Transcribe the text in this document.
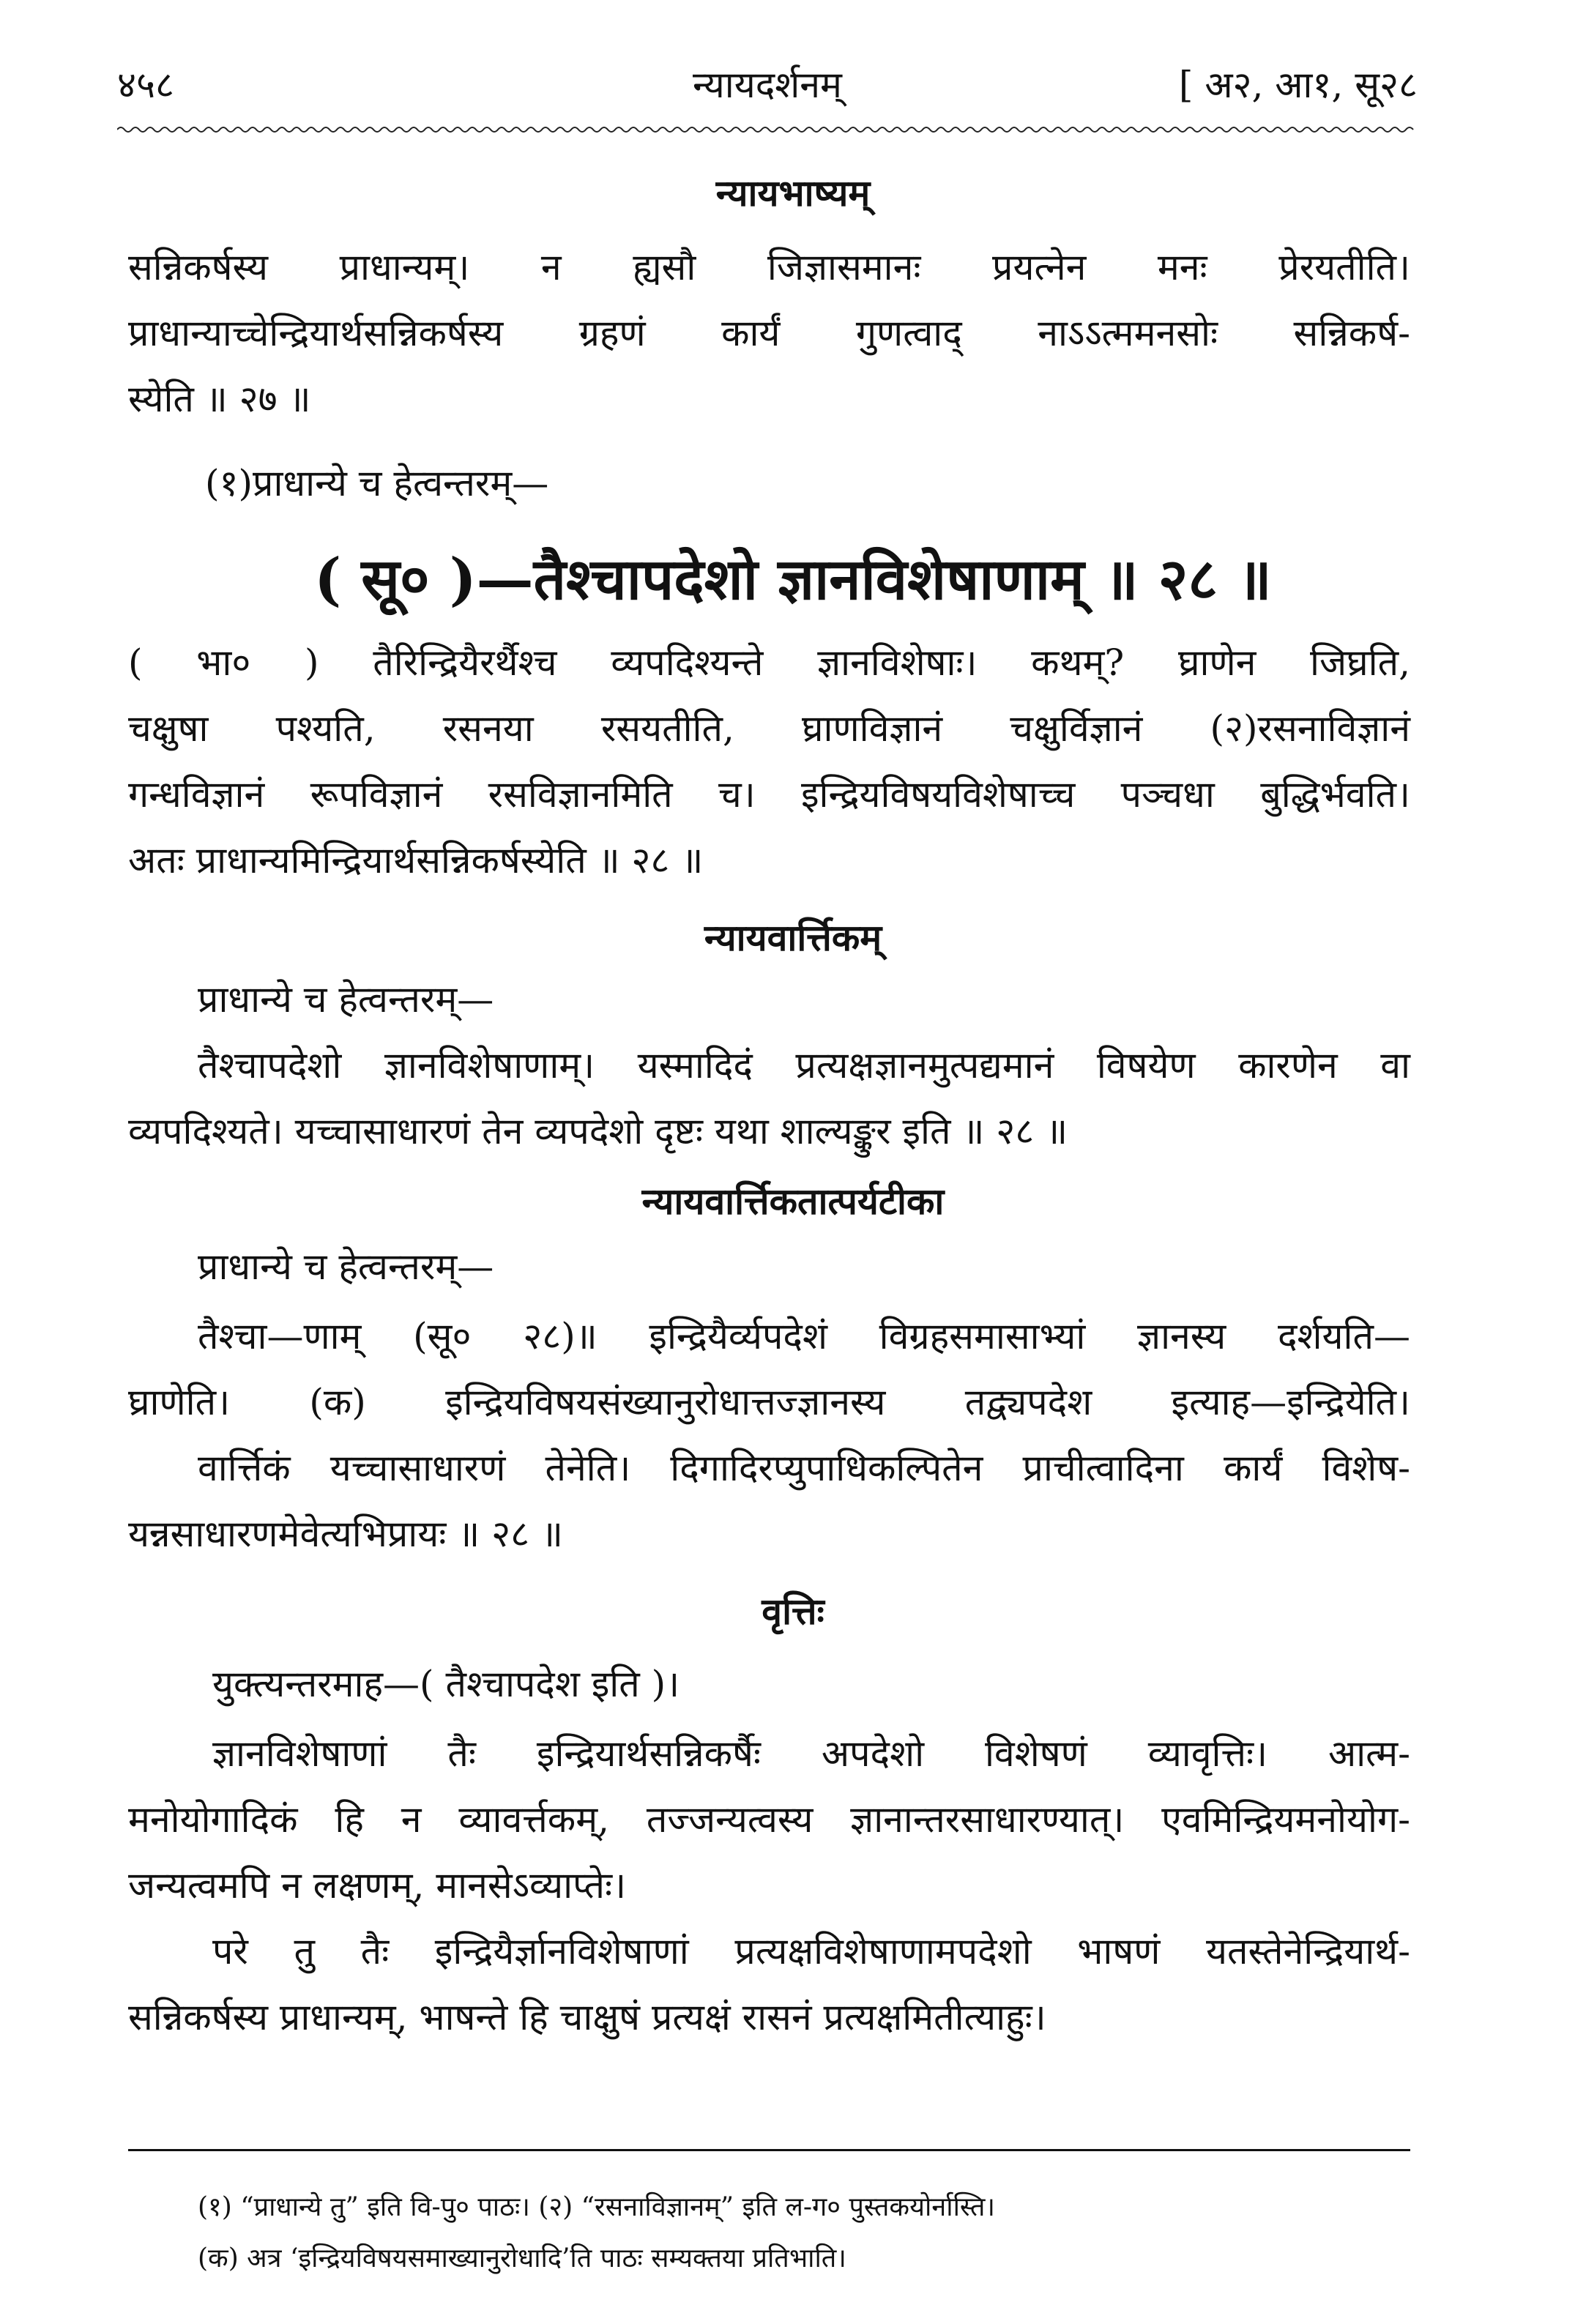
४५८	न्यायदर्शनम्	[ अ२, आ१, सू२८
न्यायभाष्यम्
सन्निकर्षस्य प्राधान्यम्। न ह्यसौ जिज्ञासमानः प्रयत्नेन मनः प्रेरयतीति।
प्राधान्याच्चेन्द्रियार्थसन्निकर्षस्य ग्रहणं कार्यं गुणत्वाद् नाऽऽत्ममनसोः सन्निकर्ष-
स्येति ॥ २७ ॥
(१)प्राधान्ये च हेत्वन्तरम्—
( सू० )—तैश्चापदेशो ज्ञानविशेषाणाम् ॥ २८ ॥
( भा० ) तैरिन्द्रियैरर्थैश्च व्यपदिश्यन्ते ज्ञानविशेषाः। कथम्? घ्राणेन जिघ्रति,
चक्षुषा पश्यति, रसनया रसयतीति, घ्राणविज्ञानं चक्षुर्विज्ञानं (२)रसनाविज्ञानं
गन्धविज्ञानं रूपविज्ञानं रसविज्ञानमिति च। इन्द्रियविषयविशेषाच्च पञ्चधा बुद्धिर्भवति।
अतः प्राधान्यमिन्द्रियार्थसन्निकर्षस्येति ॥ २८ ॥
न्यायवार्त्तिकम्
प्राधान्ये च हेत्वन्तरम्—
तैश्चापदेशो ज्ञानविशेषाणाम्। यस्मादिदं प्रत्यक्षज्ञानमुत्पद्यमानं विषयेण कारणेन वा
व्यपदिश्यते। यच्चासाधारणं तेन व्यपदेशो दृष्टः यथा शाल्यङ्कुर इति ॥ २८ ॥
न्यायवार्त्तिकतात्पर्यटीका
प्राधान्ये च हेत्वन्तरम्—
तैश्चा—णाम् (सू० २८)॥ इन्द्रियैर्व्यपदेशं विग्रहसमासाभ्यां ज्ञानस्य दर्शयति—
घ्राणेति। (क) इन्द्रियविषयसंख्यानुरोधात्तज्ज्ञानस्य तद्व्यपदेश इत्याह—इन्द्रियेति।
वार्त्तिकं यच्चासाधारणं तेनेति। दिगादिरप्युपाधिकल्पितेन प्राचीत्वादिना कार्यं विशेष-
यन्नसाधारणमेवेत्यभिप्रायः ॥ २८ ॥
वृत्तिः
युक्त्यन्तरमाह—( तैश्चापदेश इति )।
ज्ञानविशेषाणां तैः इन्द्रियार्थसन्निकर्षैः अपदेशो विशेषणं व्यावृत्तिः। आत्म-
मनोयोगादिकं हि न व्यावर्त्तकम्, तज्जन्यत्वस्य ज्ञानान्तरसाधारण्यात्। एवमिन्द्रियमनोयोग-
जन्यत्वमपि न लक्षणम्, मानसेऽव्याप्तेः।
परे तु तैः इन्द्रियैर्ज्ञानविशेषाणां प्रत्यक्षविशेषाणामपदेशो भाषणं यतस्तेनेन्द्रियार्थ-
सन्निकर्षस्य प्राधान्यम्, भाषन्ते हि चाक्षुषं प्रत्यक्षं रासनं प्रत्यक्षमितीत्याहुः।
(१) “प्राधान्ये तु” इति वि-पु० पाठः। (२) “रसनाविज्ञानम्” इति ल-ग० पुस्तकयोर्नास्ति।
(क) अत्र ‘इन्द्रियविषयसमाख्यानुरोधादि’ति पाठः सम्यक्तया प्रतिभाति।
